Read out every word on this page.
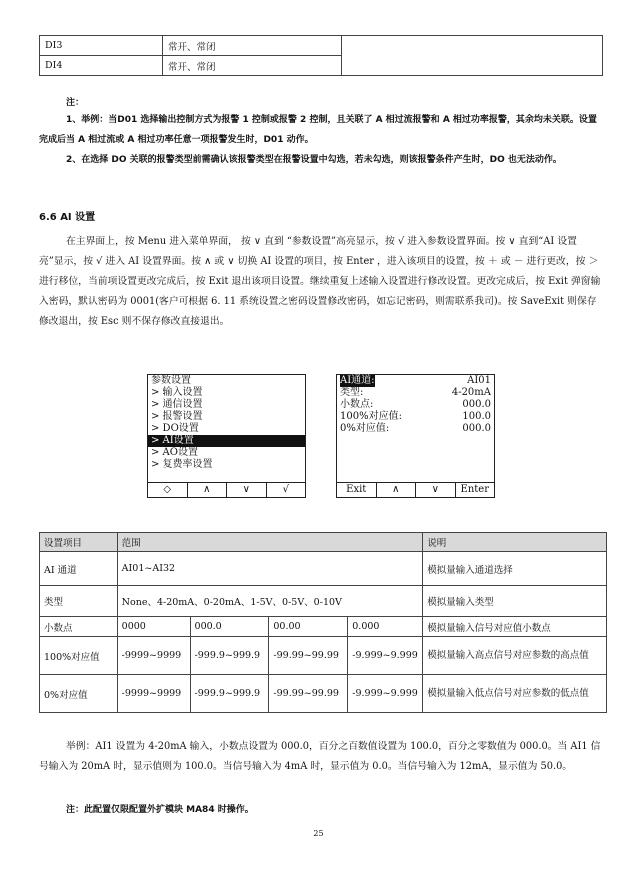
DI3	常开、常闭	
DI4	常开、常闭	
注：
1、举例：当D01 选择输出控制方式为报警 1 控制或报警 2 控制，且关联了 A 相过流报警和 A 相过功率报警，其余均未关联。设置完成后当 A 相过流或 A 相过功率任意一项报警发生时，D01 动作。
2、在选择 DO 关联的报警类型前需确认该报警类型在报警设置中勾选，若未勾选，则该报警条件产生时，DO 也无法动作。
6.6 AI 设置
在主界面上，按 Menu 进入菜单界面， 按 ∨ 直到 “参数设置”高亮显示，按 √ 进入参数设置界面。按 ∨ 直到“AI 设置亮”显示，按 √ 进入 AI 设置界面。按 ∧ 或 ∨ 切换 AI 设置的项目，按 Enter ，进入该项目的设置，按 ＋ 或 － 进行更改，按 ＞ 进行移位，当前项设置更改完成后，按 Exit 退出该项目设置。继续重复上述输入设置进行修改设置。更改完成后，按 Exit 弹窗输入密码，默认密码为 0001(客户可根据 6. 11 系统设置之密码设置修改密码，如忘记密码，则需联系我司)。按 SaveExit 则保存修改退出，按 Esc 则不保存修改直接退出。
参数设置
> 输入设置
> 通信设置
> 报警设置
> DO设置
> AI设置
> AO设置
> 复费率设置
◇	∧	∨	√
AI通道:	AI01
类型:	4-20mA
小数点:	000.0
100%对应值:	100.0
0%对应值:	000.0
Exit	∧	∨	Enter
设置项目	范围				说明
AI 通道	AI01~AI32				模拟量输入通道选择
类型	None、4-20mA、0-20mA、1-5V、0-5V、0-10V				模拟量输入类型
小数点	0000	000.0	00.00	0.000	模拟量输入信号对应值小数点
100%对应值	-9999~9999	-999.9~999.9	-99.99~99.99	-9.999~9.999	模拟量输入高点信号对应参数的高点值
0%对应值	-9999~9999	-999.9~999.9	-99.99~99.99	-9.999~9.999	模拟量输入低点信号对应参数的低点值
举例：AI1 设置为 4-20mA 输入，小数点设置为 000.0，百分之百数值设置为 100.0，百分之零数值为 000.0。当 AI1 信号输入为 20mA 时，显示值则为 100.0。当信号输入为 4mA 时，显示值为 0.0。当信号输入为 12mA，显示值为 50.0。
注：此配置仅限配置外扩模块 MA84 时操作。
25
